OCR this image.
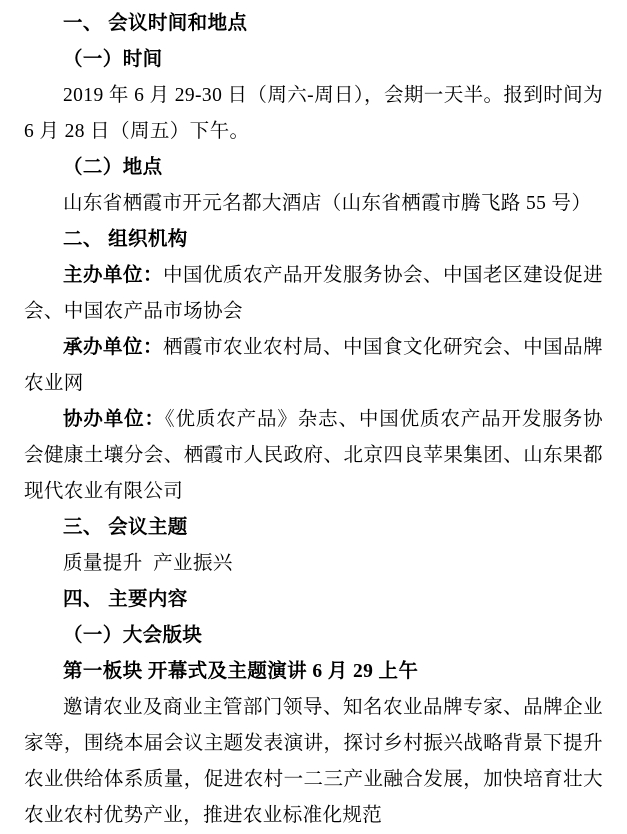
一、 会议时间和地点
（一）时间
2019 年 6 月 29-30 日（周六-周日），会期一天半。报到时间为 6 月 28 日（周五）下午。
（二）地点
山东省栖霞市开元名都大酒店（山东省栖霞市腾飞路 55 号）
二、 组织机构
主办单位：中国优质农产品开发服务协会、中国老区建设促进会、中国农产品市场协会
承办单位：栖霞市农业农村局、中国食文化研究会、中国品牌农业网
协办单位：《优质农产品》杂志、中国优质农产品开发服务协会健康土壤分会、栖霞市人民政府、北京四良苹果集团、山东果都现代农业有限公司
三、 会议主题
质量提升  产业振兴
四、 主要内容
（一）大会版块
第一板块 开幕式及主题演讲 6 月 29 上午
邀请农业及商业主管部门领导、知名农业品牌专家、品牌企业家等，围绕本届会议主题发表演讲，探讨乡村振兴战略背景下提升农业供给体系质量，促进农村一二三产业融合发展，加快培育壮大农业农村优势产业，推进农业标准化规范
